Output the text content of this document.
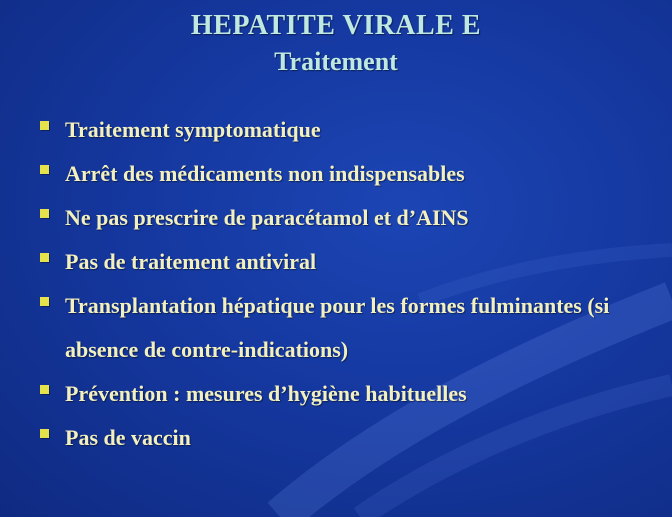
HEPATITE VIRALE E
Traitement
Traitement symptomatique
Arrêt des médicaments non indispensables
Ne pas prescrire de paracétamol et d’AINS
Pas de traitement antiviral
Transplantation hépatique pour les formes fulminantes (si absence de contre-indications)
Prévention : mesures d’hygiène habituelles
Pas de vaccin
